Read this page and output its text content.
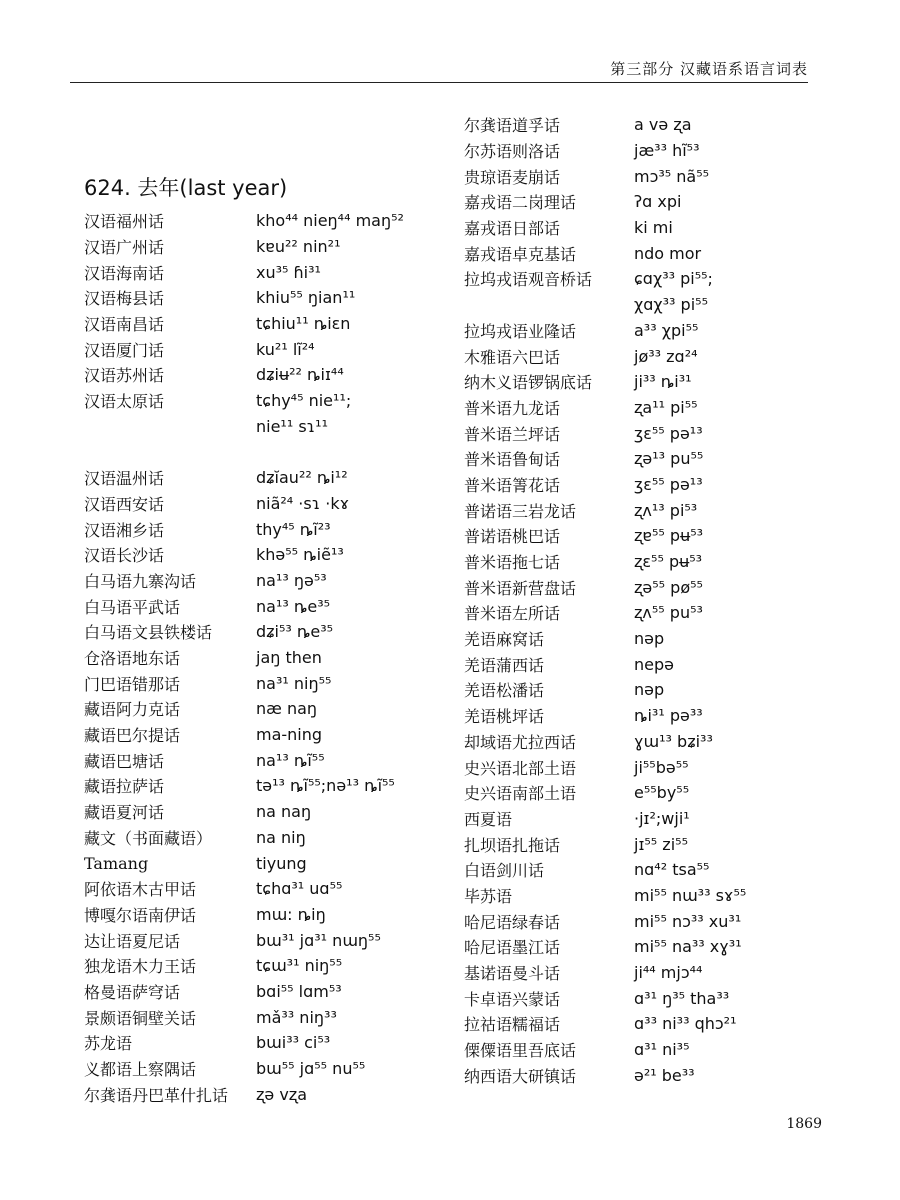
第三部分 汉藏语系语言词表
624. 去年(last year)
汉语福州话	kho⁴⁴ nieŋ⁴⁴ maŋ⁵²
汉语广州话	kɐu²² nin²¹
汉语海南话	xu³⁵ ɦi³¹
汉语梅县话	khiu⁵⁵ ŋian¹¹
汉语南昌话	tɕhiu¹¹ ȵiɛn
汉语厦门话	ku²¹ lĩ²⁴
汉语苏州话	dʑiʉ²² ȵiɪ⁴⁴
汉语太原话	tɕhy⁴⁵ nie¹¹;
nie¹¹ sɿ¹¹
汉语温州话	dʑĭau²² ȵi¹²
汉语西安话	niã²⁴ ·sɿ ·kɤ
汉语湘乡话	thy⁴⁵ ȵĩ²³
汉语长沙话	khə⁵⁵ ȵiẽ¹³
白马语九寨沟话	na¹³ ŋə⁵³
白马语平武话	na¹³ ȵe³⁵
白马语文县铁楼话	dʑi⁵³ ȵe³⁵
仓洛语地东话	jaŋ then
门巴语错那话	na³¹ niŋ⁵⁵
藏语阿力克话	næ naŋ
藏语巴尔提话	ma-ning
藏语巴塘话	na¹³ ȵĩ⁵⁵
藏语拉萨话	tə¹³ ȵĩ⁵⁵;nə¹³ ȵĩ⁵⁵
藏语夏河话	na naŋ
藏文（书面藏语）	na niŋ
Tamang	tiyung
阿依语木古甲话	tɕhɑ³¹ uɑ⁵⁵
博嘎尔语南伊话	mɯ: ȵiŋ
达让语夏尼话	bɯ³¹ jɑ³¹ nɯŋ⁵⁵
独龙语木力王话	tɕɯ³¹ niŋ⁵⁵
格曼语萨穹话	bɑi⁵⁵ lɑm⁵³
景颇语铜壁关话	mǎ³³ niŋ³³
苏龙语	bɯi³³ ci⁵³
义都语上察隅话	bɯ⁵⁵ jɑ⁵⁵ nu⁵⁵
尔龚语丹巴革什扎话	ʐə vʐa
尔龚语道孚话	a və ʐa
尔苏语则洛话	jæ³³ hĩ⁵³
贵琼语麦崩话	mɔ³⁵ nã⁵⁵
嘉戎语二岗理话	ʔɑ xpi
嘉戎语日部话	ki mi
嘉戎语卓克基话	ndo mor
拉坞戎语观音桥话	ɕɑχ³³ pi⁵⁵;
χɑχ³³ pi⁵⁵
拉坞戎语业隆话	a³³ χpi⁵⁵
木雅语六巴话	jø³³ zɑ²⁴
纳木义语锣锅底话	ji³³ ȵi³¹
普米语九龙话	ʐa¹¹ pi⁵⁵
普米语兰坪话	ʒɛ⁵⁵ pə¹³
普米语鲁甸话	ʐə¹³ pu⁵⁵
普米语箐花话	ʒɛ⁵⁵ pə¹³
普诺语三岩龙话	ʐʌ¹³ pi⁵³
普诺语桃巴话	ʐɐ⁵⁵ pʉ⁵³
普米语拖七话	ʐɛ⁵⁵ pʉ⁵³
普米语新营盘话	ʐə⁵⁵ pø⁵⁵
普米语左所话	ʐʌ⁵⁵ pu⁵³
羌语麻窝话	nəp
羌语蒲西话	nepə
羌语松潘话	nəp
羌语桃坪话	ȵi³¹ pə³³
却域语尤拉西话	ɣɯ¹³ bʑi³³
史兴语北部土语	ji⁵⁵bə⁵⁵
史兴语南部土语	e⁵⁵by⁵⁵
西夏语	·jɪ²;wji¹
扎坝语扎拖话	jɪ⁵⁵ zi⁵⁵
白语剑川话	nɑ⁴² tsa⁵⁵
毕苏语	mi⁵⁵ nɯ³³ sɤ⁵⁵
哈尼语绿春话	mi⁵⁵ nɔ³³ xu³¹
哈尼语墨江话	mi⁵⁵ na³³ xɣ³¹
基诺语曼斗话	ji⁴⁴ mjɔ⁴⁴
卡卓语兴蒙话	ɑ³¹ ŋ³⁵ tha³³
拉祜语糯福话	ɑ³³ ni³³ qhɔ²¹
傈僳语里吾底话	ɑ³¹ ni³⁵
纳西语大研镇话	ə²¹ be³³
1869
